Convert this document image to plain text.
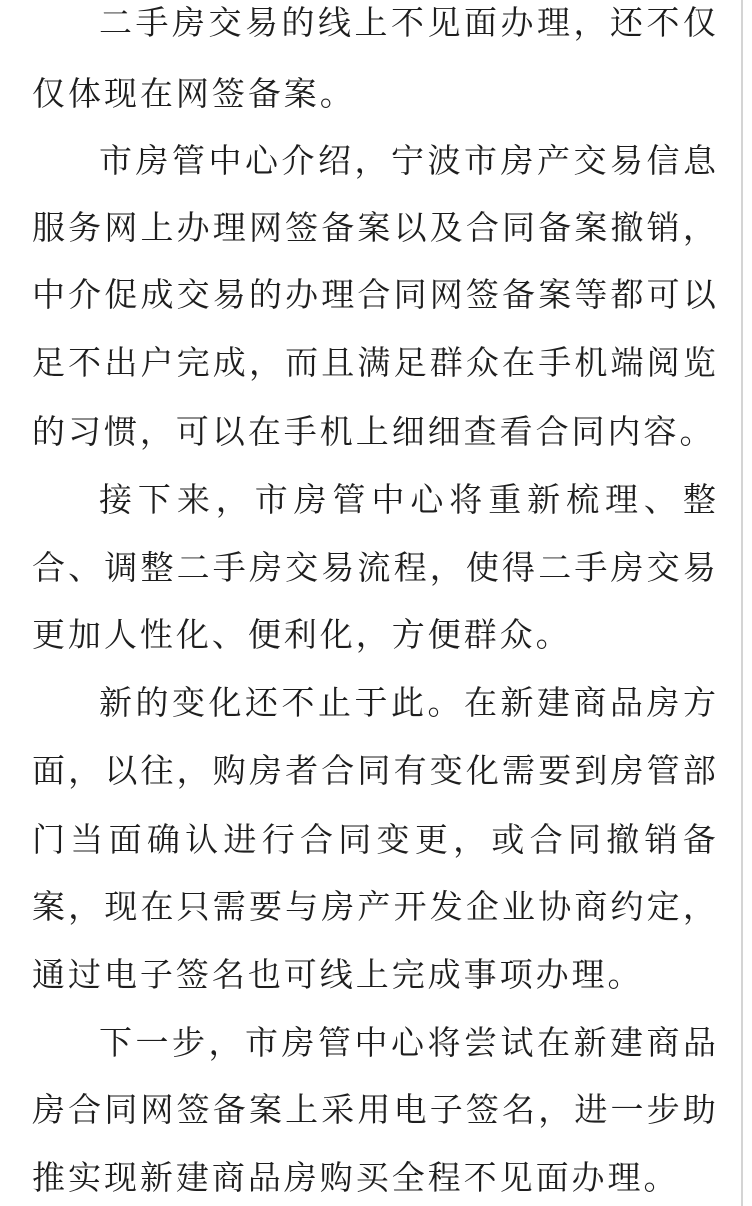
二 手 房 交 易 的 线 上 不 见 面 办 理 ， 还 不 仅
仅体现在网签备案。
市 房 管 中 心 介 绍 ， 宁 波 市 房 产 交 易 信 息
服 务 网 上 办 理 网 签 备 案 以 及 合 同 备 案 撤 销 ，
中 介 促 成 交 易 的 办 理 合 同 网 签 备 案 等 都 可 以
足 不 出 户 完 成 ， 而 且 满 足 群 众 在 手 机 端 阅 览
的习惯，可以在手机上细细查看合同内容。
接 下 来 ， 市 房 管 中 心 将 重 新 梳 理 、 整
合 、 调 整 二 手 房 交 易 流 程 ， 使 得 二 手 房 交 易
更加人性化、便利化，方便群众。
新 的 变 化 还 不 止 于 此 。 在 新 建 商 品 房 方
面 ， 以 往 ， 购 房 者 合 同 有 变 化 需 要 到 房 管 部
门 当 面 确 认 进 行 合 同 变 更 ， 或 合 同 撤 销 备
案 ， 现 在 只 需 要 与 房 产 开 发 企 业 协 商 约 定 ，
通过电子签名也可线上完成事项办理。
下 一 步 ， 市 房 管 中 心 将 尝 试 在 新 建 商 品
房 合 同 网 签 备 案 上 采 用 电 子 签 名 ， 进 一 步 助
推实现新建商品房购买全程不见面办理。
